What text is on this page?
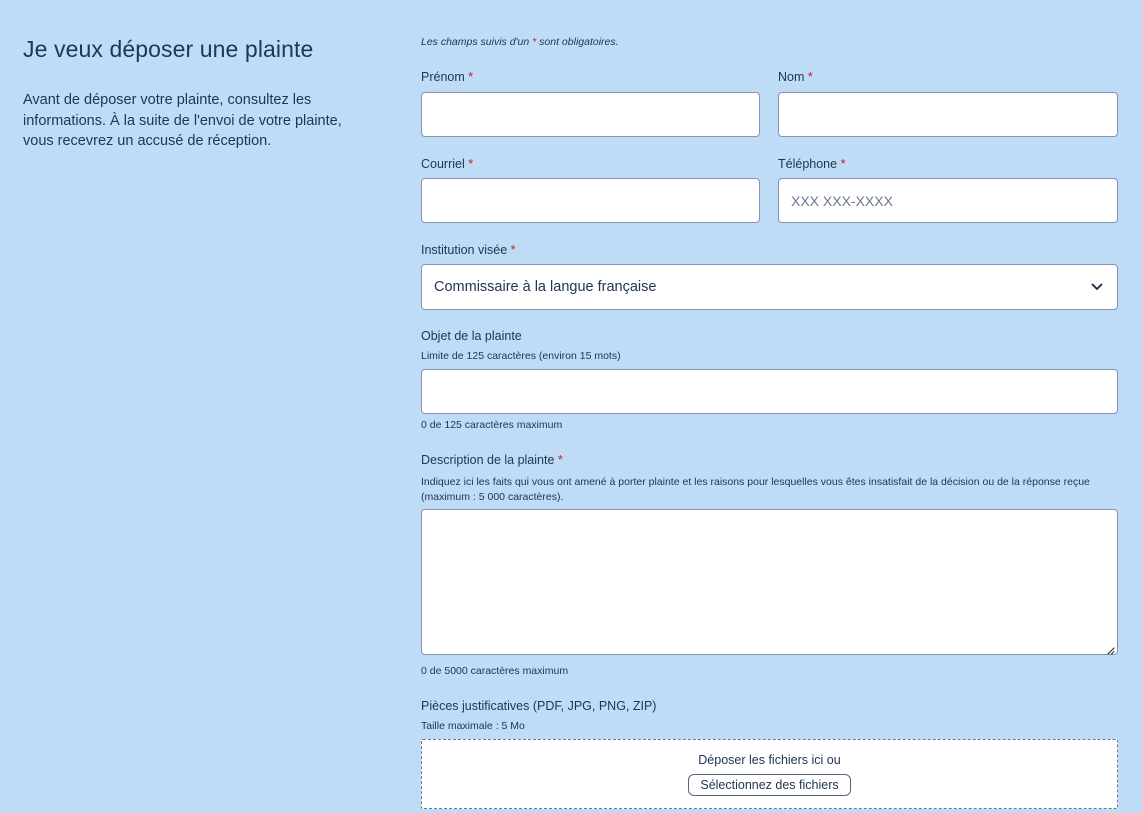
Je veux déposer une plainte

Avant de déposer votre plainte, consultez les informations. À la suite de l'envoi de votre plainte, vous recevrez un accusé de réception.

Les champs suivis d'un * sont obligatoires.
Prénom *	Nom *
Courriel *	Téléphone *
XXX XXX-XXXX
Institution visée *
Commissaire à la langue française
Objet de la plainte
Limite de 125 caractères (environ 15 mots)
0 de 125 caractères maximum
Description de la plainte *
Indiquez ici les faits qui vous ont amené à porter plainte et les raisons pour lesquelles vous êtes insatisfait de la décision ou de la réponse reçue (maximum : 5 000 caractères).
0 de 5000 caractères maximum
Pièces justificatives (PDF, JPG, PNG, ZIP)
Taille maximale : 5 Mo
Déposer les fichiers ici ou
Sélectionnez des fichiers
